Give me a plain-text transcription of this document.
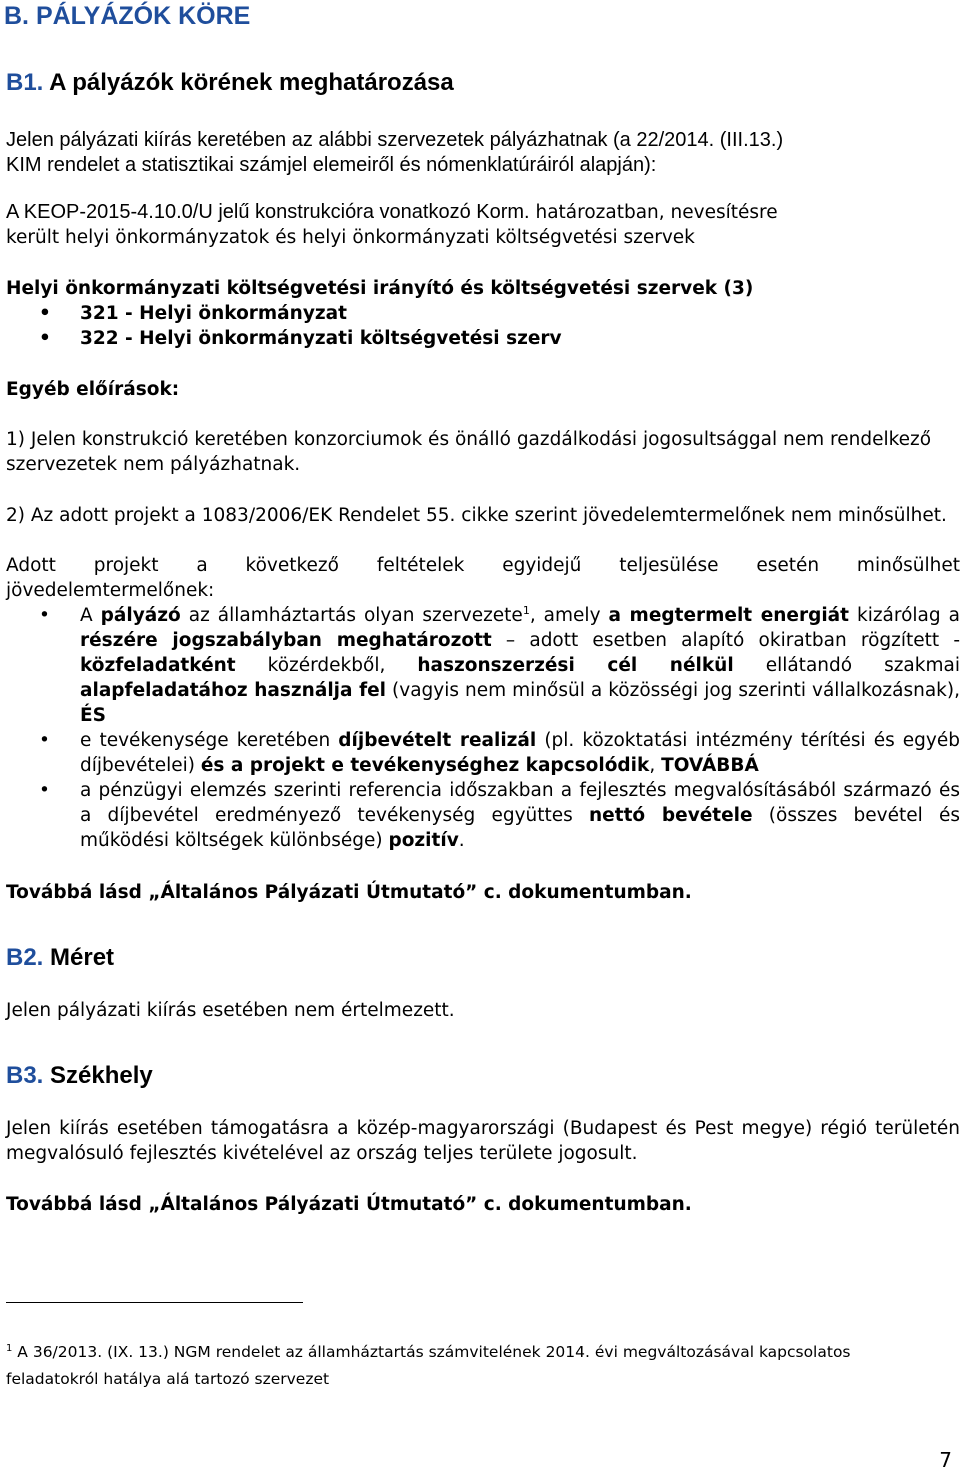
B. PÁLYÁZÓK KÖRE
B1. A pályázók körének meghatározása

Jelen pályázati kiírás keretében az alábbi szervezetek pályázhatnak (a 22/2014. (III.13.)
KIM rendelet a statisztikai számjel elemeiről és nómenklatúráiról alapján):

A KEOP-2015-4.10.0/U jelű konstrukcióra vonatkozó Korm. határozatban, nevesítésre
került helyi önkormányzatok és helyi önkormányzati költségvetési szervek

Helyi önkormányzati költségvetési irányító és költségvetési szervek (3)

• 321 - Helyi önkormányzat
• 322 - Helyi önkormányzati költségvetési szerv

Egyéb előírások:

1) Jelen konstrukció keretében konzorciumok és önálló gazdálkodási jogosultsággal nem rendelkező szervezetek nem pályázhatnak.

2) Az adott projekt a 1083/2006/EK Rendelet 55. cikke szerint jövedelemtermelőnek nem minősülhet.

Adott projekt a következő feltételek egyidejű teljesülése esetén minősülhet
jövedelemtermelőnek:

• A pályázó az államháztartás olyan szervezete$^1$, amely a megtermelt energiát kizárólag a részére jogszabályban meghatározott – adott esetben alapító okiratban rögzített - közfeladatként közérdekből, haszonszerzési cél nélkül ellátandó szakmai alapfeladatához használja fel (vagyis nem minősül a közösségi jog szerinti vállalkozásnak), ÉS
• e tevékenysége keretében díjbevételt realizál (pl. közoktatási intézmény térítési és egyéb díjbevételei) és a projekt e tevékenységhez kapcsolódik, TOVÁBBÁ
• a pénzügyi elemzés szerinti referencia időszakban a fejlesztés megvalósításából származó és a díjbevétel eredményező tevékenység együttes nettó bevétele (összes bevétel és működési költségek különbsége) pozitív.

Továbbá lásd „Általános Pályázati Útmutató” c. dokumentumban.

B2. Méret

Jelen pályázati kiírás esetében nem értelmezett.

B3. Székhely

Jelen kiírás esetében támogatásra a közép-magyarországi (Budapest és Pest megye) régió területén megvalósuló fejlesztés kivételével az ország teljes területe jogosult.

Továbbá lásd „Általános Pályázati Útmutató” c. dokumentumban.

$^1$ A 36/2013. (IX. 13.) NGM rendelet az államháztartás számvitelének 2014. évi megváltozásával kapcsolatos feladatokról hatálya alá tartozó szervezet

7
